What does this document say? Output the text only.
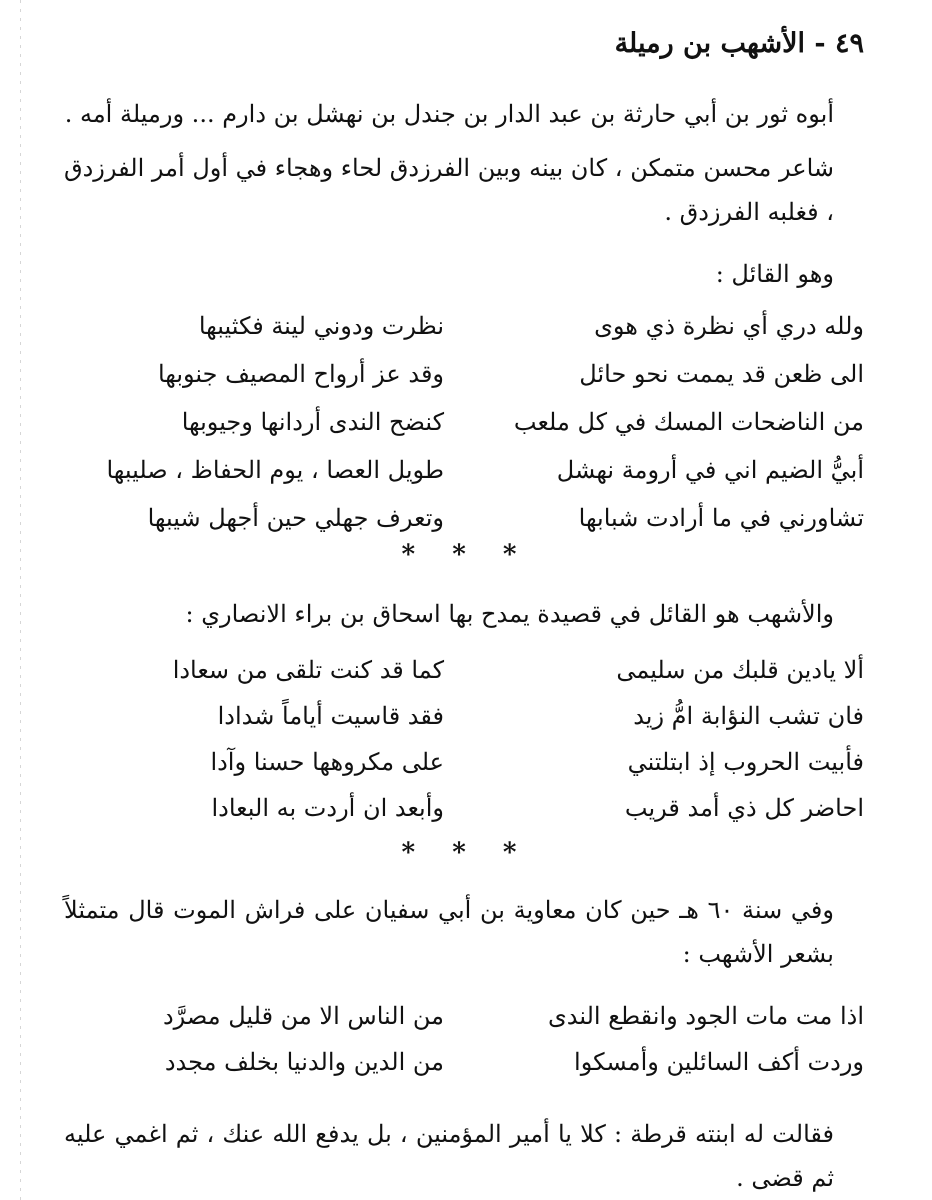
٤٩ - الأشهب بن رميلة
أبوه ثور بن أبي حارثة بن عبد الدار بن جندل بن نهشل بن دارم ... ورميلة أمه .
شاعر محسن متمكن ، كان بينه وبين الفرزدق لحاء وهجاء في أول أمر الفرزدق ، فغلبه الفرزدق .
وهو القائل :
ولله دري أي نظرة ذي هوى
نظرت ودوني لينة فكثيبها
الى ظعن قد يممت نحو حائل
وقد عز أرواح المصيف جنوبها
من الناضحات المسك في كل ملعب
كنضح الندى أردانها وجيوبها
أبيُّ الضيم اني في أرومة نهشل
طويل العصا ، يوم الحفاظ ، صليبها
تشاورني في ما أرادت شبابها
وتعرف جهلي حين أجهل شيبها
* * *
والأشهب هو القائل في قصيدة يمدح بها اسحاق بن براء الانصاري :
ألا يادين قلبك من سليمى
كما قد كنت تلقى من سعادا
فان تشب النؤابة امُّ زيد
فقد قاسيت أياماً شدادا
فأبيت الحروب إذ ابتلتني
على مكروهها حسنا وآدا
احاضر كل ذي أمد قريب
وأبعد ان أردت به البعادا
* * *
وفي سنة ٦٠ هـ حين كان معاوية بن أبي سفيان على فراش الموت قال متمثلاً بشعر الأشهب :
اذا مت مات الجود وانقطع الندى
من الناس الا من قليل مصرَّد
وردت أكف السائلين وأمسكوا
من الدين والدنيا بخلف مجدد
فقالت له ابنته قرطة : كلا يا أمير المؤمنين ، بل يدفع الله عنك ، ثم اغمي عليه ثم قضى .
